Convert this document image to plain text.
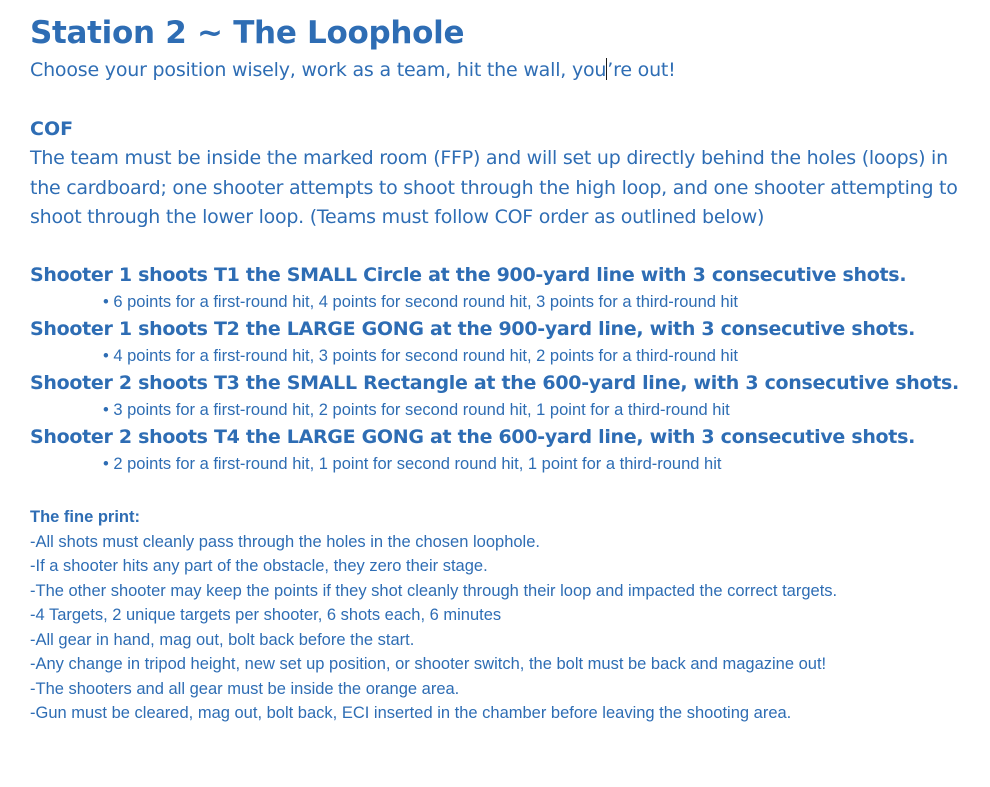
Station 2 ~ The Loophole

Choose your position wisely, work as a team, hit the wall, you’re out!

COF

The team must be inside the marked room (FFP) and will set up directly behind the holes (loops) in the cardboard; one shooter attempts to shoot through the high loop, and one shooter attempting to shoot through the lower loop. (Teams must follow COF order as outlined below)

Shooter 1 shoots T1 the SMALL Circle at the 900-yard line with 3 consecutive shots.

• 6 points for a first-round hit, 4 points for second round hit, 3 points for a third-round hit

Shooter 1 shoots T2 the LARGE GONG at the 900-yard line, with 3 consecutive shots.

• 4 points for a first-round hit, 3 points for second round hit, 2 points for a third-round hit

Shooter 2 shoots T3 the SMALL Rectangle at the 600-yard line, with 3 consecutive shots.

• 3 points for a first-round hit, 2 points for second round hit, 1 point for a third-round hit

Shooter 2 shoots T4 the LARGE GONG at the 600-yard line, with 3 consecutive shots.

• 2 points for a first-round hit, 1 point for second round hit, 1 point for a third-round hit

The fine print:

-All shots must cleanly pass through the holes in the chosen loophole.

-If a shooter hits any part of the obstacle, they zero their stage.

-The other shooter may keep the points if they shot cleanly through their loop and impacted the correct targets.

-4 Targets, 2 unique targets per shooter, 6 shots each, 6 minutes

-All gear in hand, mag out, bolt back before the start.

-Any change in tripod height, new set up position, or shooter switch, the bolt must be back and magazine out!

-The shooters and all gear must be inside the orange area.

-Gun must be cleared, mag out, bolt back, ECI inserted in the chamber before leaving the shooting area.
